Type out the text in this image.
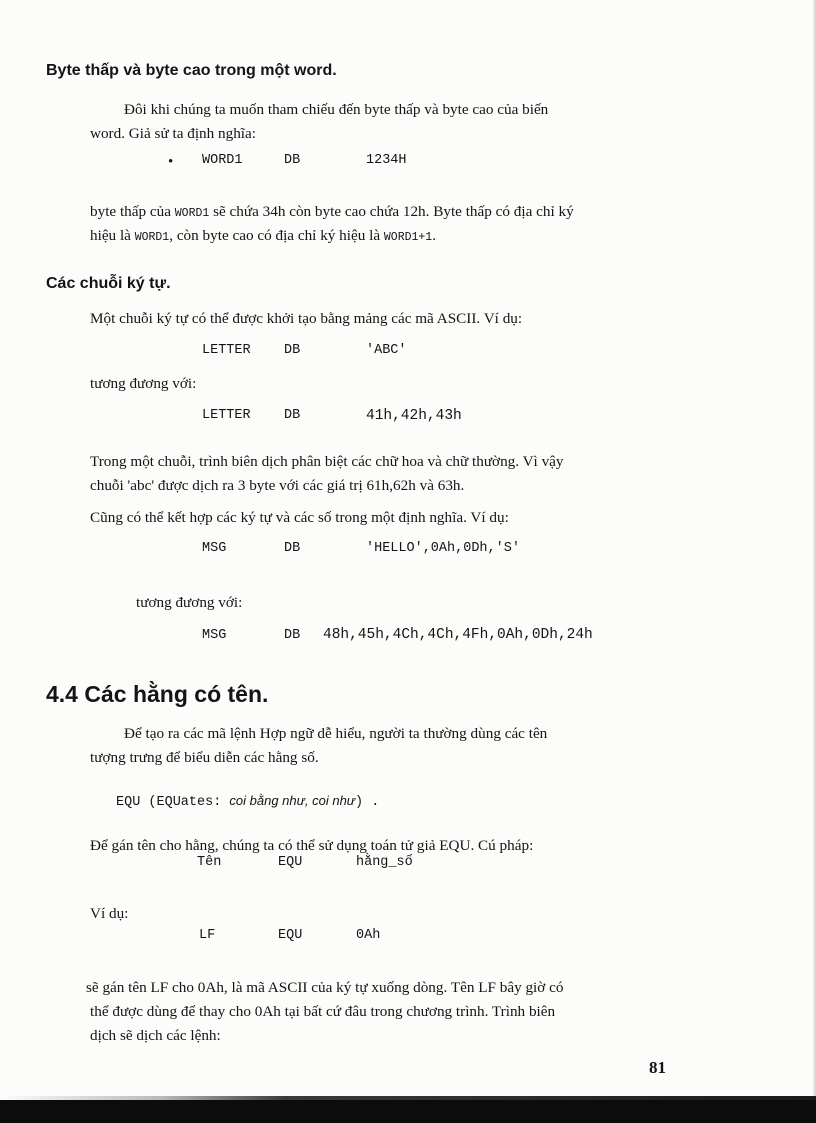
Byte thấp và byte cao trong một word.
Đôi khi chúng ta muốn tham chiếu đến byte thấp và byte cao của biến
word. Giả sử ta định nghĩa:
• WORD1	DB	1234H
byte thấp của WORD1 sẽ chứa 34h còn byte cao chứa 12h. Byte thấp có địa chỉ ký
hiệu là WORD1, còn byte cao có địa chỉ ký hiệu là WORD1+1.
Các chuỗi ký tự.
Một chuỗi ký tự có thể được khởi tạo bằng mảng các mã ASCII. Ví dụ:
LETTER DB	'ABC'
tương đương với:
LETTER DB	41h,42h,43h
Trong một chuỗi, trình biên dịch phân biệt các chữ hoa và chữ thường. Vì vậy
chuỗi 'abc' được dịch ra 3 byte với các giá trị 61h,62h và 63h.
Cũng có thể kết hợp các ký tự và các số trong một định nghĩa. Ví dụ:
MSG	DB	'HELLO',0Ah,0Dh,'S'
tương đương với:
MSG	DB 48h,45h,4Ch,4Ch,4Fh,0Ah,0Dh,24h
4.4 Các hằng có tên.
Để tạo ra các mã lệnh Hợp ngữ dễ hiểu, người ta thường dùng các tên
tượng trưng để biểu diễn các hằng số.
EQU (EQUates: coi bằng như, coi như) .
Để gán tên cho hằng, chúng ta có thể sử dụng toán tử giả EQU. Cú pháp:
Tên	EQU	hằng_số
Ví dụ:
LF	EQU	0Ah
sẽ gán tên LF cho 0Ah, là mã ASCII của ký tự xuống dòng. Tên LF bây giờ có
thể được dùng để thay cho 0Ah tại bất cứ đâu trong chương trình. Trình biên
dịch sẽ dịch các lệnh:
81
